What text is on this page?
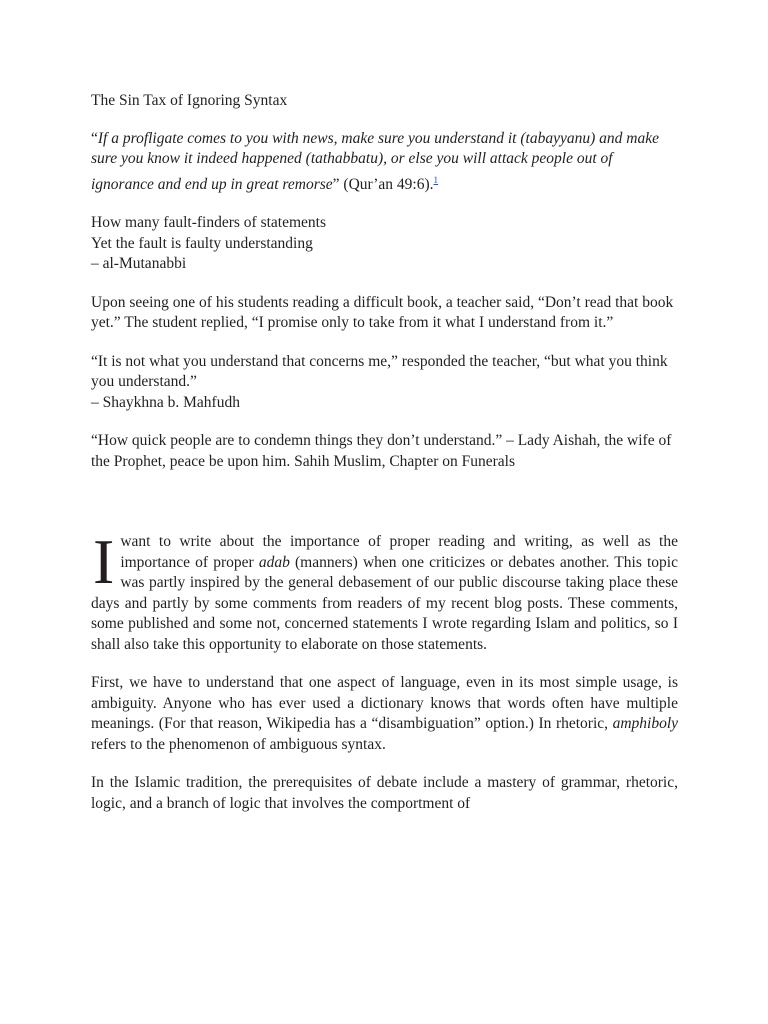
The Sin Tax of Ignoring Syntax

“If a profligate comes to you with news, make sure you understand it (tabayyanu) and make sure you know it indeed happened (tathabbatu), or else you will attack people out of ignorance and end up in great remorse” (Qur’an 49:6).$^1$

How many fault-finders of statements
Yet the fault is faulty understanding
– al-Mutanabbi

Upon seeing one of his students reading a difficult book, a teacher said, “Don’t read that book yet.” The student replied, “I promise only to take from it what I understand from it.”

“It is not what you understand that concerns me,” responded the teacher, “but what you think you understand.”
– Shaykhna b. Mahfudh

“How quick people are to condemn things they don’t understand.” – Lady Aishah, the wife of the Prophet, peace be upon him. Sahih Muslim, Chapter on Funerals

Iwant to write about the importance of proper reading and writing, as well as the importance of proper adab (manners) when one criticizes or debates another. This topic was partly inspired by the general debasement of our public discourse taking place these days and partly by some comments from readers of my recent blog posts. These comments, some published and some not, concerned statements I wrote regarding Islam and politics, so I shall also take this opportunity to elaborate on those statements.

First, we have to understand that one aspect of language, even in its most simple usage, is ambiguity. Anyone who has ever used a dictionary knows that words often have multiple meanings. (For that reason, Wikipedia has a “disambiguation” option.) In rhetoric, amphiboly refers to the phenomenon of ambiguous syntax.

In the Islamic tradition, the prerequisites of debate include a mastery of grammar, rhetoric, logic, and a branch of logic that involves the comportment of
